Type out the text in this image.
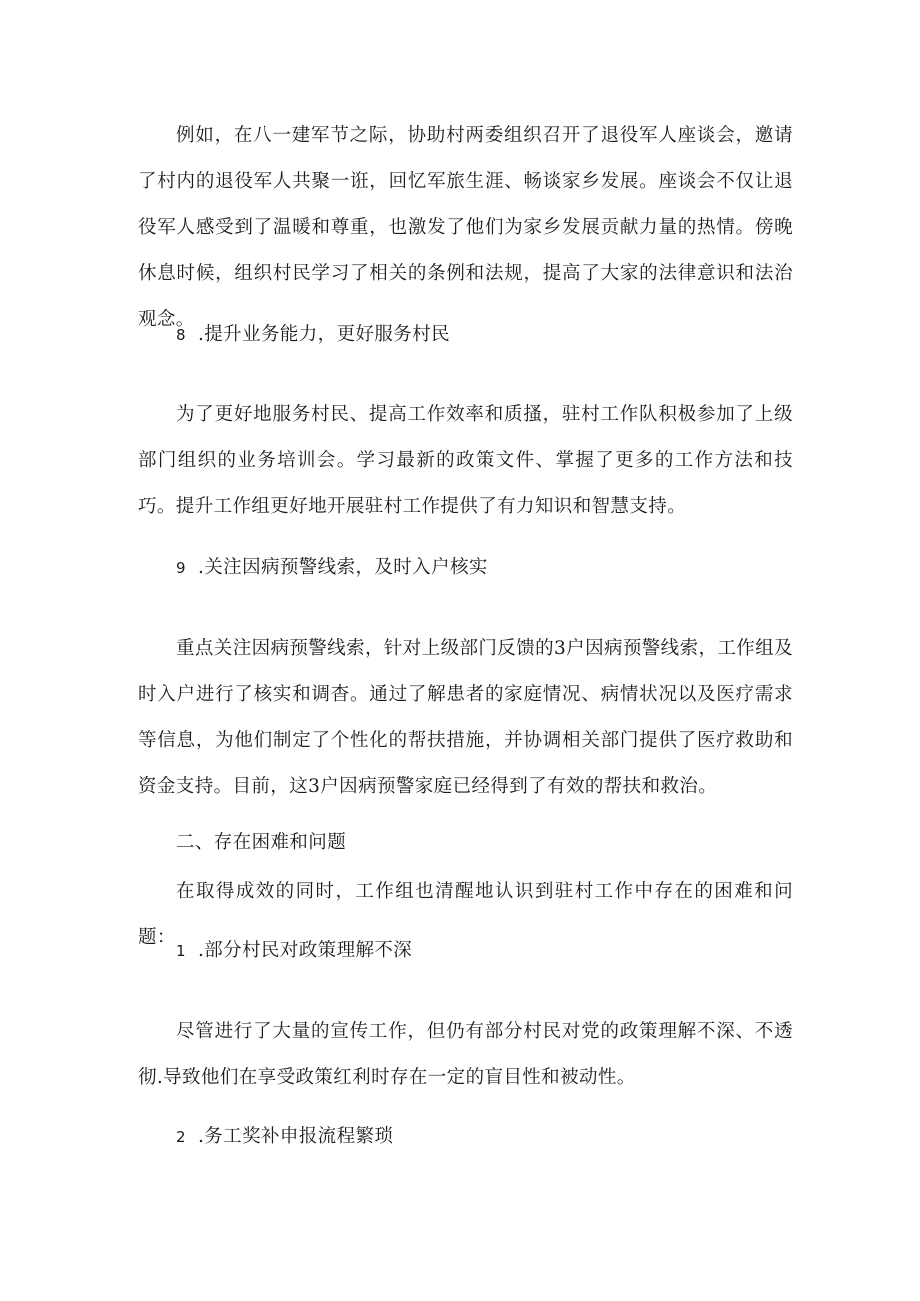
例如，在八一建军节之际，协助村两委组织召开了退役军人座谈会，邀请了村内的退役军人共聚一诳，回忆军旅生涯、畅谈家乡发展。座谈会不仅让退役军人感受到了温暖和尊重，也激发了他们为家乡发展贡献力量的热情。傍晚休息时候，组织村民学习了相关的条例和法规，提高了大家的法律意识和法治观念。

8 .提升业务能力，更好服务村民

为了更好地服务村民、提高工作效率和质搔，驻村工作队积极参加了上级部门组织的业务培训会。学习最新的政策文件、掌握了更多的工作方法和技巧。提升工作组更好地开展驻村工作提供了有力知识和智慧支持。

9 .关注因病预警线索，及时入户核实

重点关注因病预警线索，针对上级部门反馈的3户因病预警线索，工作组及时入户进行了核实和调杳。通过了解患者的家庭情况、病情状况以及医疗需求等信息，为他们制定了个性化的帮扶措施，并协调相关部门提供了医疗救助和资金支持。目前，这3户因病预警家庭已经得到了有效的帮扶和救治。

二、存在困难和问题

在取得成效的同时，工作组也清醒地认识到驻村工作中存在的困难和问题：

1 .部分村民对政策理解不深

尽管进行了大量的宣传工作，但仍有部分村民对党的政策理解不深、不透彻.导致他们在享受政策红利时存在一定的盲目性和被动性。

2 .务工奖补申报流程繁琐
